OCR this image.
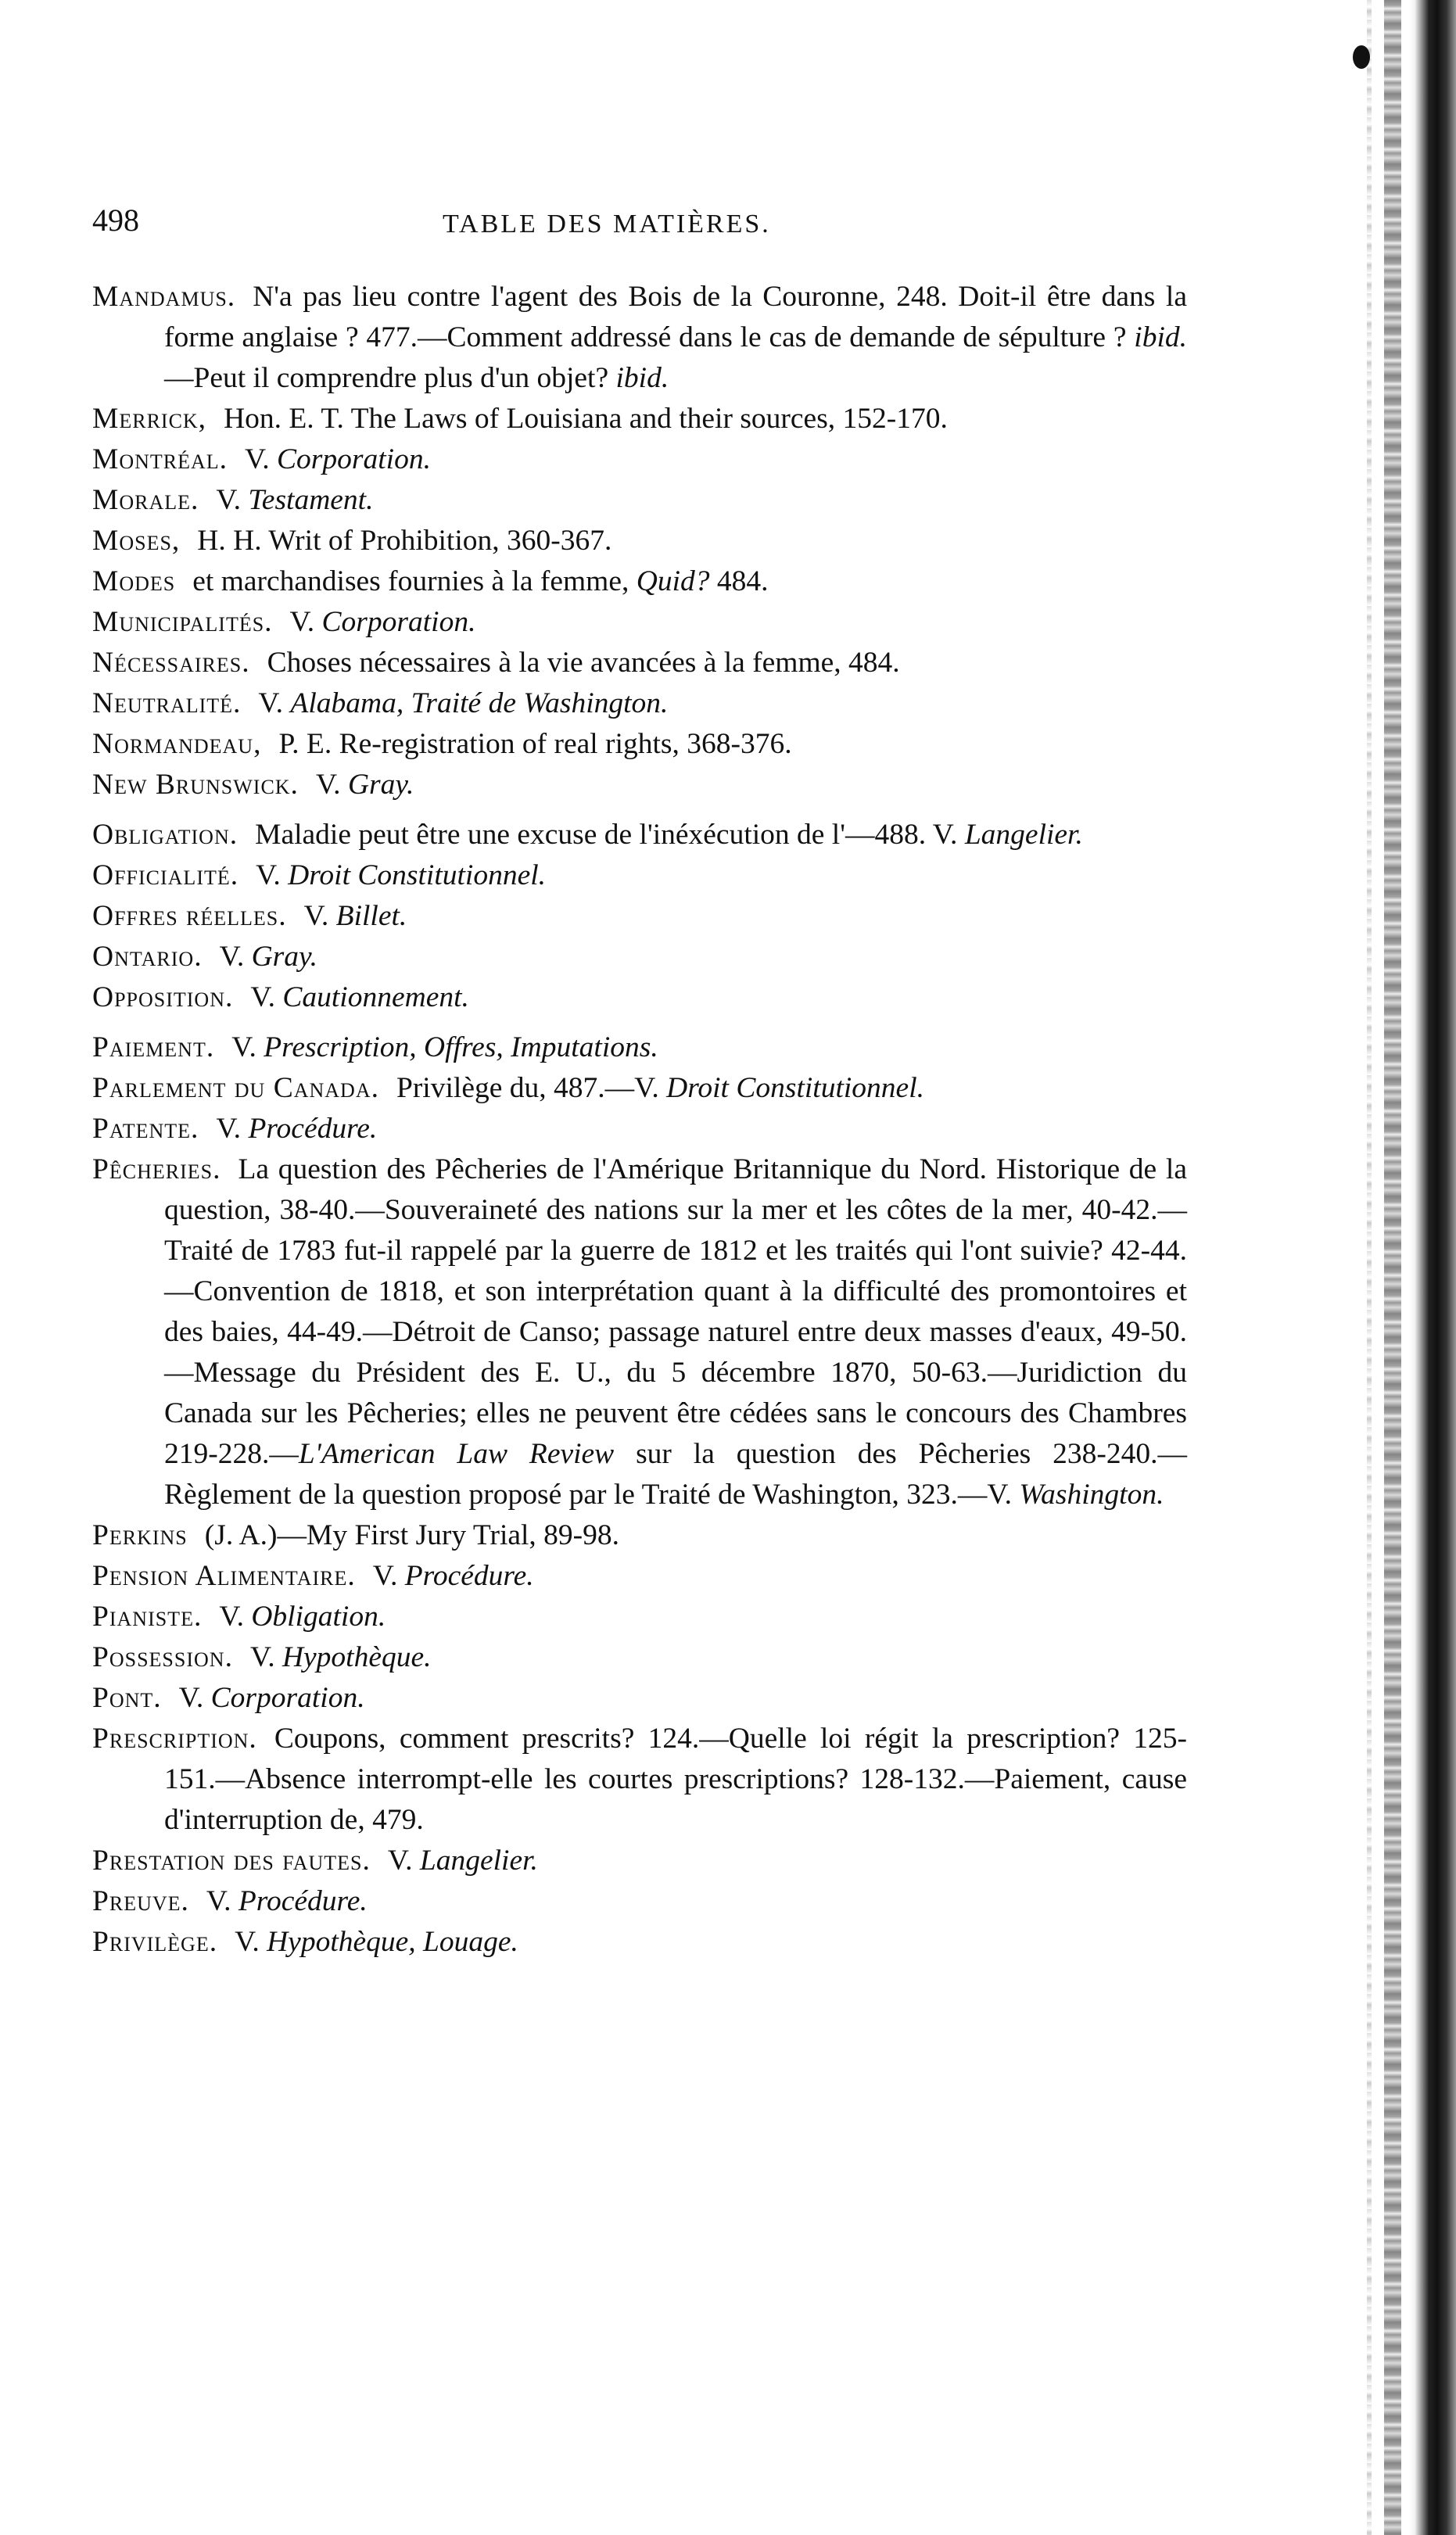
498	TABLE DES MATIÈRES.
Mandamus. N'a pas lieu contre l'agent des Bois de la Couronne, 248. Doit-il être dans la forme anglaise ? 477.—Comment addressé dans le cas de demande de sépulture ? ibid.—Peut il comprendre plus d'un objet? ibid.
Merrick, Hon. E. T. The Laws of Louisiana and their sources, 152-170.
Montréal. V. Corporation.
Morale. V. Testament.
Moses, H. H. Writ of Prohibition, 360-367.
Modes et marchandises fournies à la femme, Quid? 484.
Municipalités. V. Corporation.
Nécessaires. Choses nécessaires à la vie avancées à la femme, 484.
Neutralité. V. Alabama, Traité de Washington.
Normandeau, P. E. Re-registration of real rights, 368-376.
New Brunswick. V. Gray.
Obligation. Maladie peut être une excuse de l'inéxécution de l'—488. V. Langelier.
Officialité. V. Droit Constitutionnel.
Offres réelles. V. Billet.
Ontario. V. Gray.
Opposition. V. Cautionnement.
Paiement. V. Prescription, Offres, Imputations.
Parlement du Canada. Privilège du, 487.—V. Droit Constitutionnel.
Patente. V. Procédure.
Pêcheries. La question des Pêcheries de l'Amérique Britannique du Nord. Historique de la question, 38-40.—Souveraineté des nations sur la mer et les côtes de la mer, 40-42.—Traité de 1783 fut-il rappelé par la guerre de 1812 et les traités qui l'ont suivie? 42-44.—Convention de 1818, et son interprétation quant à la difficulté des promontoires et des baies, 44-49.—Détroit de Canso; passage naturel entre deux masses d'eaux, 49-50.—Message du Président des E. U., du 5 décembre 1870, 50-63.—Juridiction du Canada sur les Pêcheries; elles ne peuvent être cédées sans le concours des Chambres 219-228.—L'American Law Review sur la question des Pêcheries 238-240.—Règlement de la question proposé par le Traité de Washington, 323.—V. Washington.
Perkins (J. A.)—My First Jury Trial, 89-98.
Pension Alimentaire. V. Procédure.
Pianiste. V. Obligation.
Possession. V. Hypothèque.
Pont. V. Corporation.
Prescription. Coupons, comment prescrits? 124.—Quelle loi régit la prescription? 125-151.—Absence interrompt-elle les courtes prescriptions? 128-132.—Paiement, cause d'interruption de, 479.
Prestation des fautes. V. Langelier.
Preuve. V. Procédure.
Privilège. V. Hypothèque, Louage.
